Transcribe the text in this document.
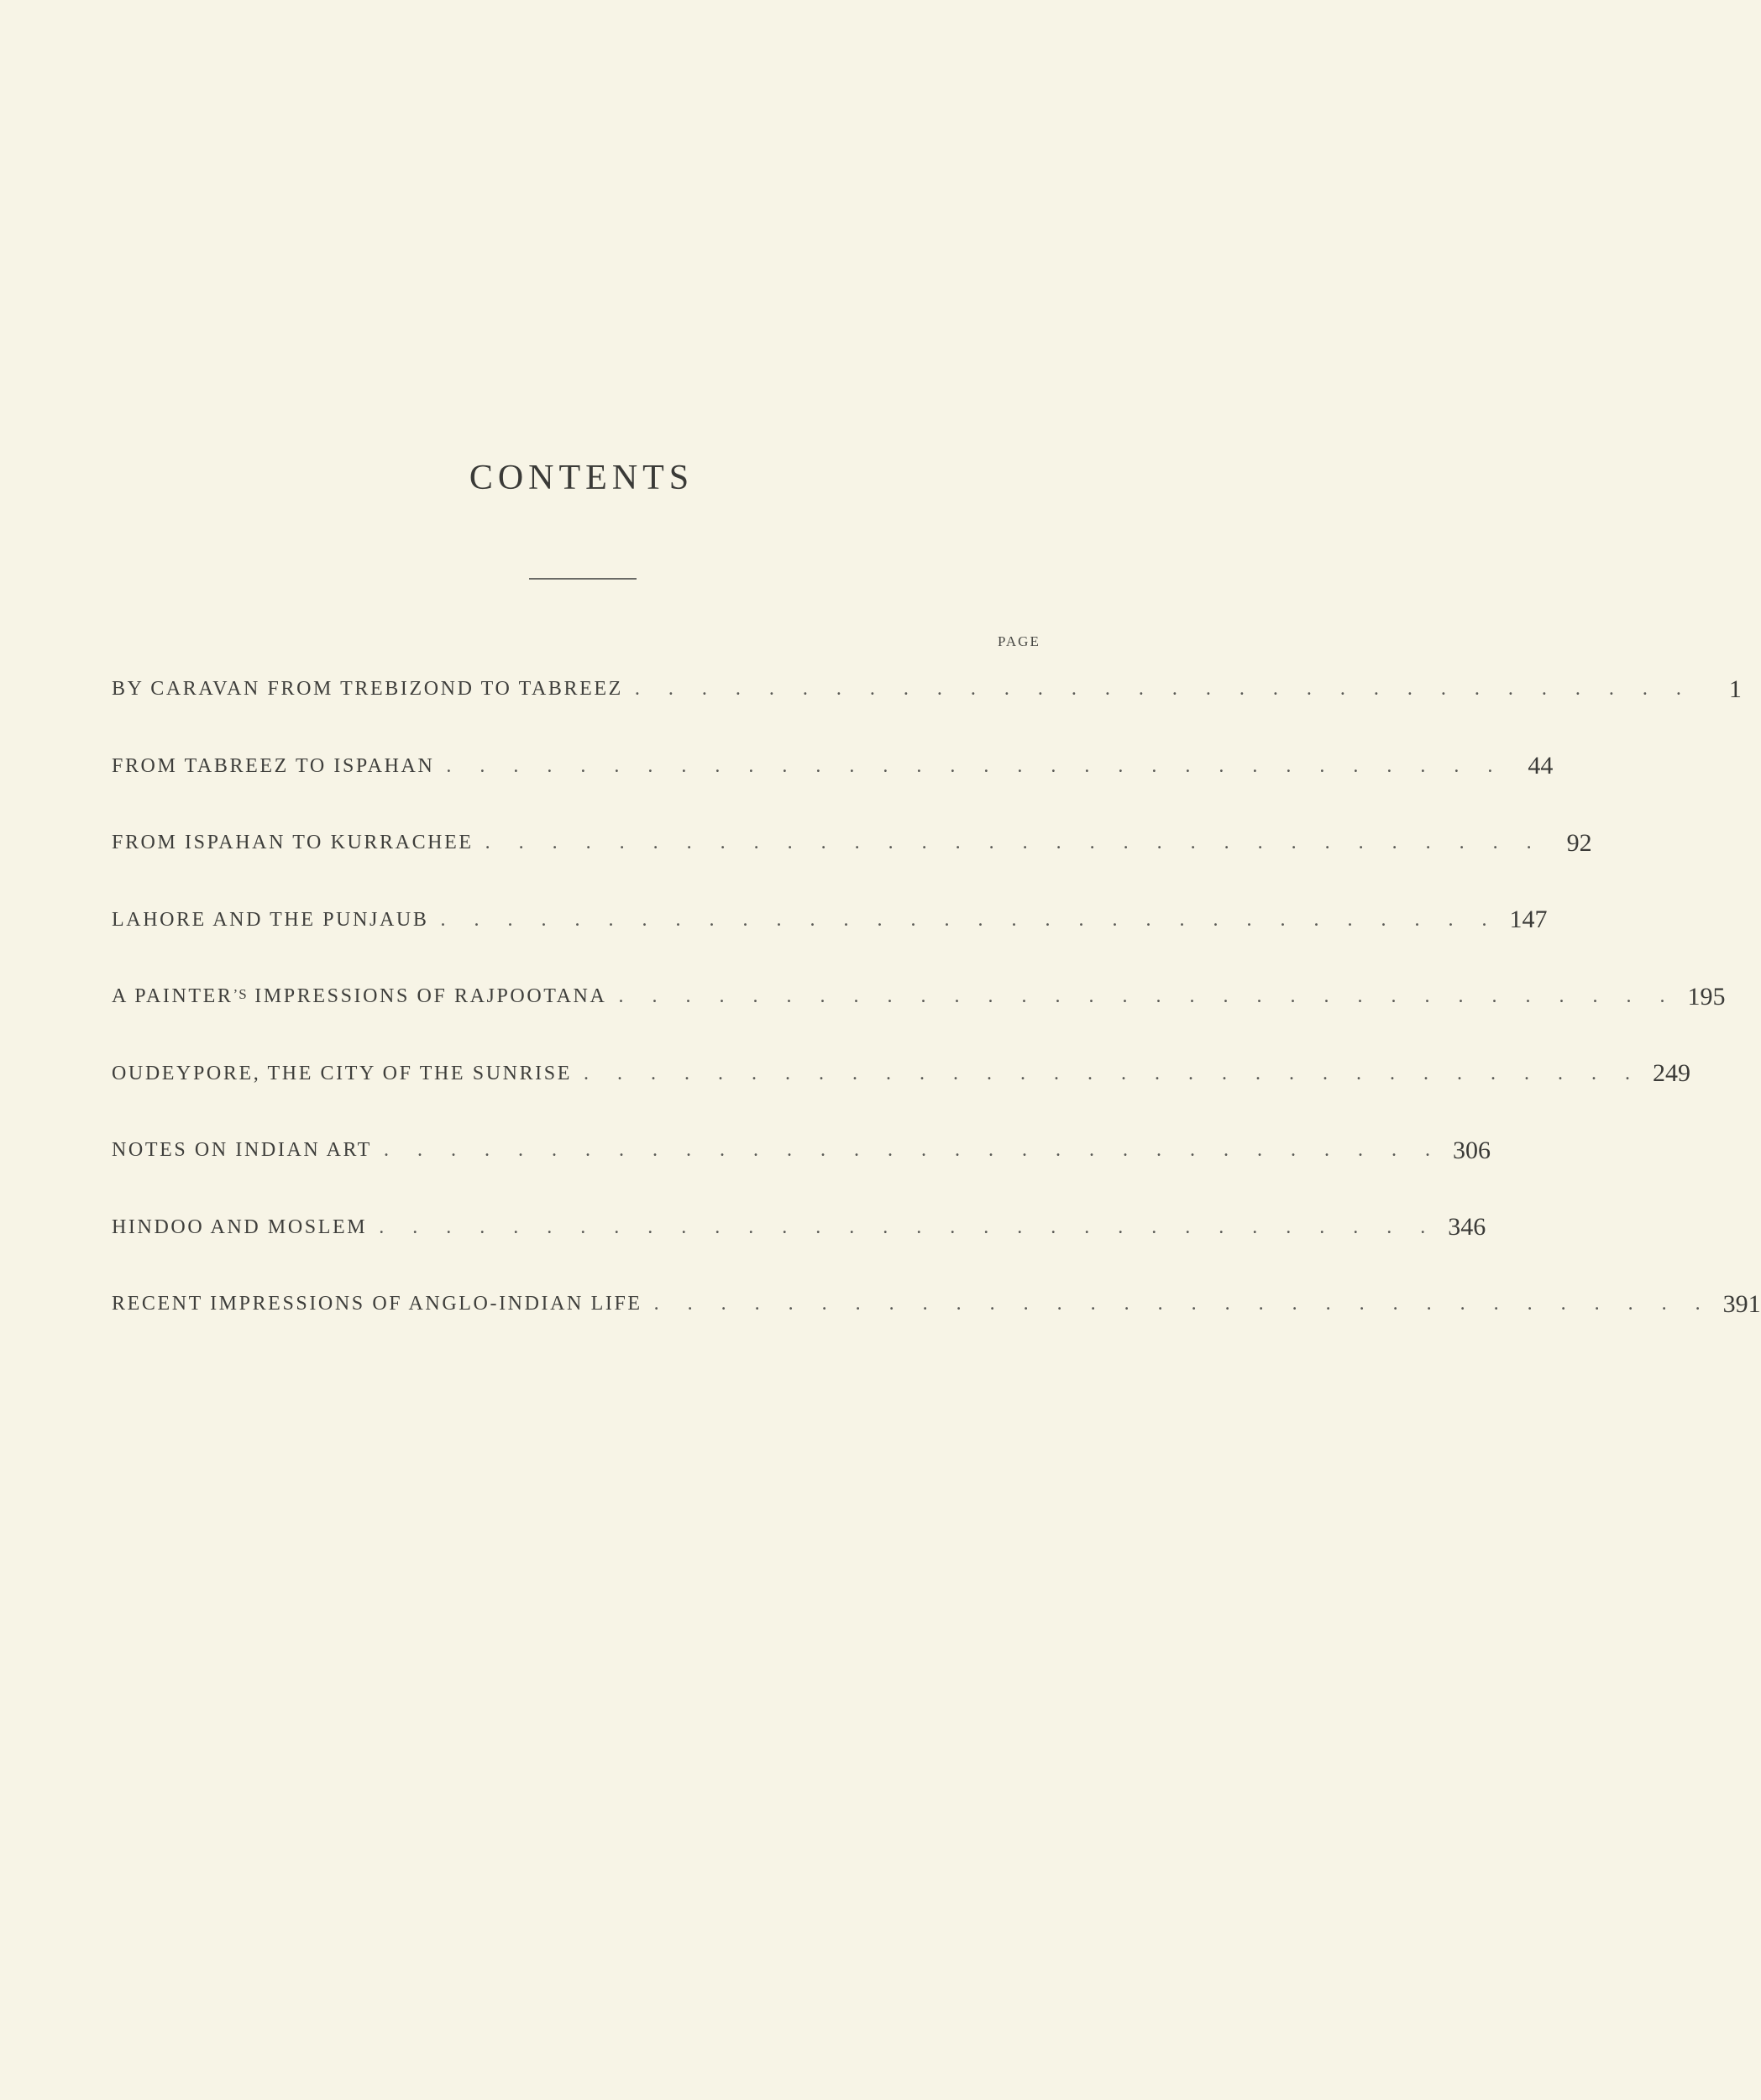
CONTENTS
PAGE
BY CARAVAN FROM TREBIZOND TO TABREEZ . . . . . . . . . . . . . . . . . . . . . . . . . . . . . . . .	1
FROM TABREEZ TO ISPAHAN . . . . . . . . . . . . . . . . . . . . . . . . . . . . . . . . 44
FROM ISPAHAN TO KURRACHEE . . . . . . . . . . . . . . . . . . . . . . . . . . . . . . . . 92
LAHORE AND THE PUNJAUB . . . . . . . . . . . . . . . . . . . . . . . . . . . . . . . . 147
A PAINTER’S IMPRESSIONS OF RAJPOOTANA . . . . . . . . . . . . . . . . . . . . . . . . . . . . . . . . 195
OUDEYPORE, THE CITY OF THE SUNRISE . . . . . . . . . . . . . . . . . . . . . . . . . . . . . . . . 249
NOTES ON INDIAN ART . . . . . . . . . . . . . . . . . . . . . . . . . . . . . . . . 306
HINDOO AND MOSLEM . . . . . . . . . . . . . . . . . . . . . . . . . . . . . . . . 346
RECENT IMPRESSIONS OF ANGLO-INDIAN LIFE . . . . . . . . . . . . . . . . . . . . . . . . . . . . . . . . 391
